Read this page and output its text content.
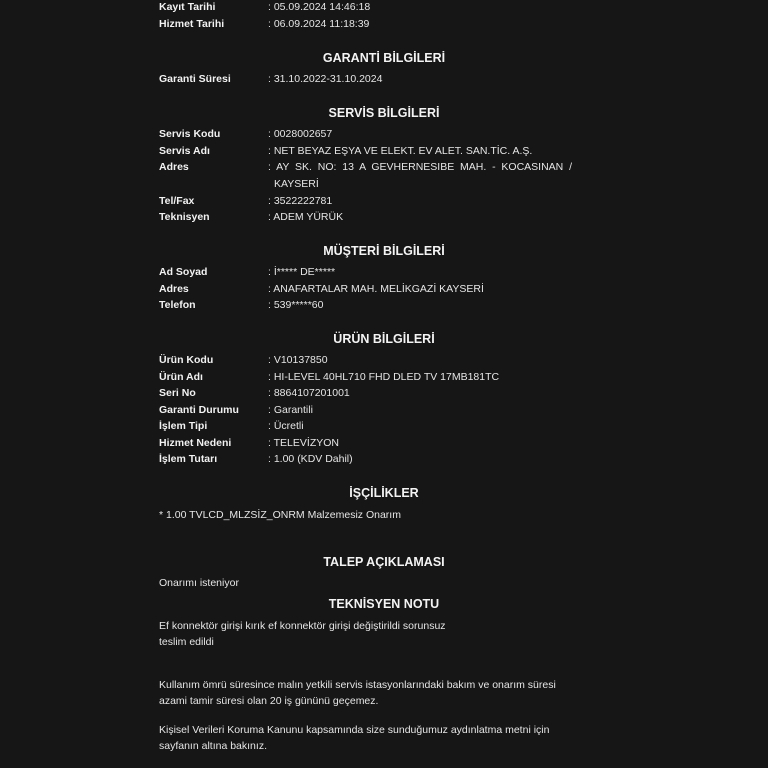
Kayıt Tarihi	: 05.09.2024 14:46:18
Hizmet Tarihi	: 06.09.2024 11:18:39
GARANTİ BİLGİLERİ
Garanti Süresi	: 31.10.2022-31.10.2024
SERVİS BİLGİLERİ
Servis Kodu	: 0028002657
Servis Adı	: NET BEYAZ EŞYA VE ELEKT. EV ALET. SAN.TİC. A.Ş.
Adres	: AY SK. NO: 13 A GEVHERNESIBE MAH. - KOCASINAN /
KAYSERİ
Tel/Fax	: 3522222781
Teknisyen	: ADEM YÜRÜK
MÜŞTERİ BİLGİLERİ
Ad Soyad	: İ***** DE*****
Adres	: ANAFARTALAR MAH. MELİKGAZİ KAYSERİ
Telefon	: 539*****60
ÜRÜN BİLGİLERİ
Ürün Kodu	: V10137850
Ürün Adı	: HI-LEVEL 40HL710 FHD DLED TV 17MB181TC
Seri No	: 8864107201001
Garanti Durumu	: Garantili
İşlem Tipi	: Ücretli
Hizmet Nedeni	: TELEVİZYON
İşlem Tutarı	: 1.00 (KDV Dahil)
İŞÇİLİKLER
* 1.00 TVLCD_MLZSİZ_ONRM Malzemesiz Onarım
TALEP AÇIKLAMASI
Onarımı isteniyor
TEKNİSYEN NOTU
Ef konnektör girişi kırık ef konnektör girişi değiştirildi sorunsuz
teslim edildi
Kullanım ömrü süresince malın yetkili servis istasyonlarındaki bakım ve onarım süresi
azami tamir süresi olan 20 iş gününü geçemez.
Kişisel Verileri Koruma Kanunu kapsamında size sunduğumuz aydınlatma metni için
sayfanın altına bakınız.
